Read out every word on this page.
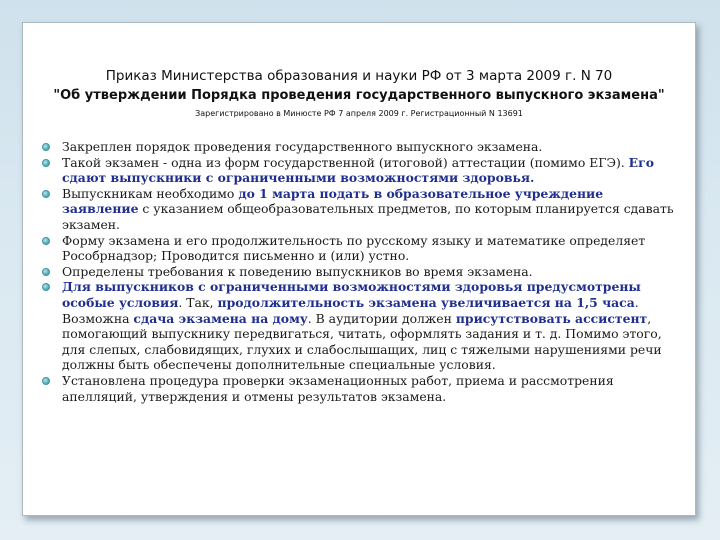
Приказ Министерства образования и науки РФ от 3 марта 2009 г. N 70
"Об утверждении Порядка проведения государственного выпускного экзамена"
Зарегистрировано в Минюсте РФ 7 апреля 2009 г. Регистрационный N 13691
Закреплен порядок проведения государственного выпускного экзамена.
Такой экзамен - одна из форм государственной (итоговой) аттестации (помимо ЕГЭ). Его сдают выпускники с ограниченными возможностями здоровья.
Выпускникам необходимо до 1 марта подать в образовательное учреждение заявление с указанием общеобразовательных предметов, по которым планируется сдавать экзамен.
Форму экзамена и его продолжительность по русскому языку и математике определяет Рособрнадзор; Проводится письменно и (или) устно.
Определены требования к поведению выпускников во время экзамена.
Для выпускников с ограниченными возможностями здоровья предусмотрены особые условия. Так, продолжительность экзамена увеличивается на 1,5 часа. Возможна сдача экзамена на дому. В аудитории должен присутствовать ассистент, помогающий выпускнику передвигаться, читать, оформлять задания и т. д. Помимо этого, для слепых, слабовидящих, глухих и слабослышащих, лиц с тяжелыми нарушениями речи должны быть обеспечены дополнительные специальные условия.
Установлена процедура проверки экзаменационных работ, приема и рассмотрения апелляций, утверждения и отмены результатов экзамена.
